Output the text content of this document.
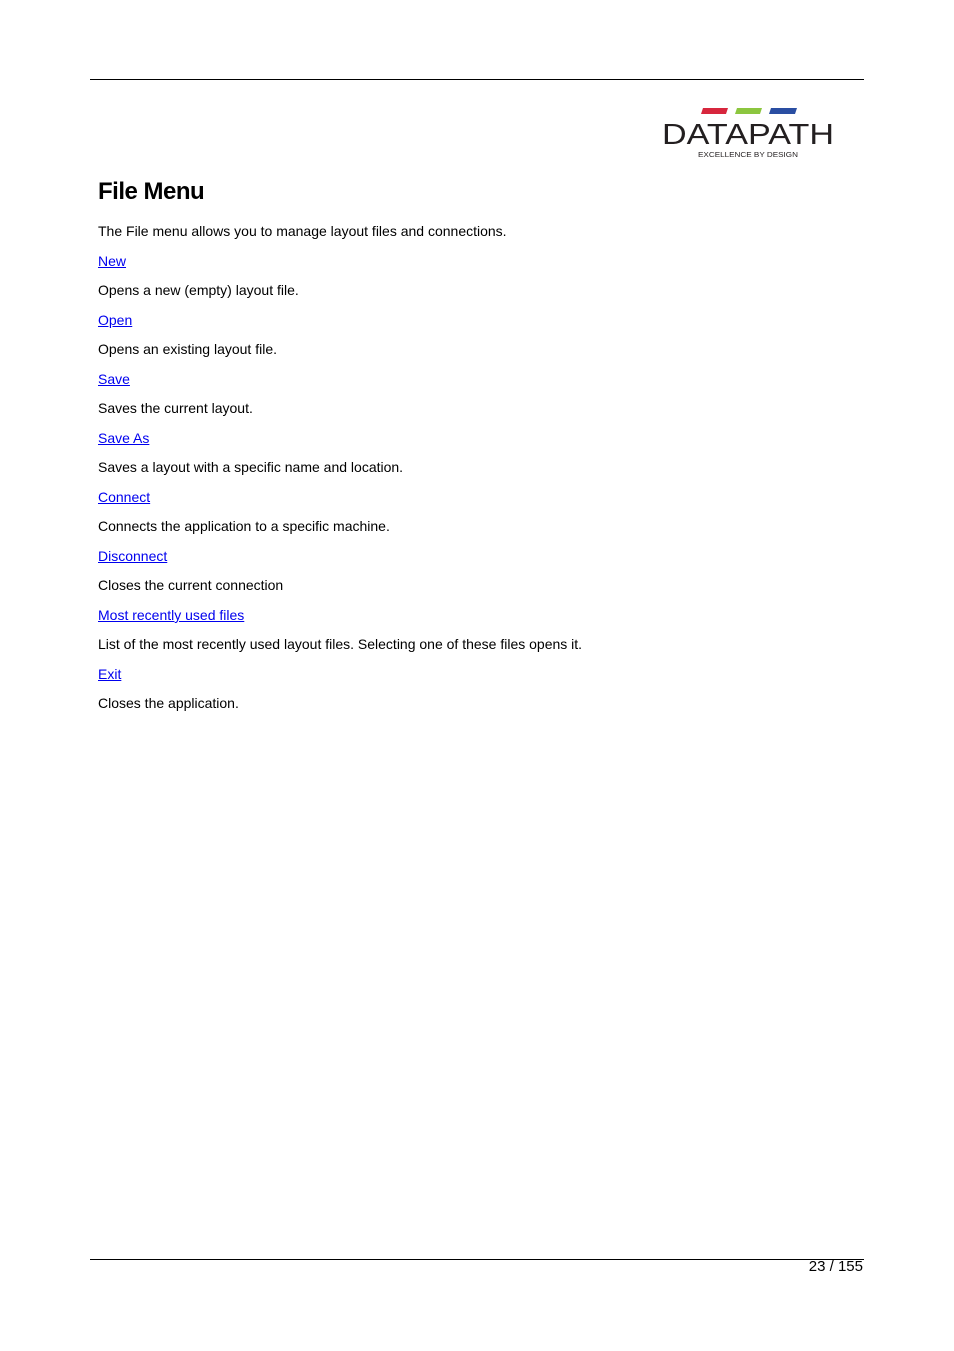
DATAPATH
EXCELLENCE BY DESIGN
File Menu

The File menu allows you to manage layout files and connections.

New
Opens a new (empty) layout file.
Open
Opens an existing layout file.
Save
Saves the current layout.
Save As
Saves a layout with a specific name and location.
Connect
Connects the application to a specific machine.
Disconnect
Closes the current connection
Most recently used files
List of the most recently used layout files. Selecting one of these files opens it.
Exit
Closes the application.
23 / 155
